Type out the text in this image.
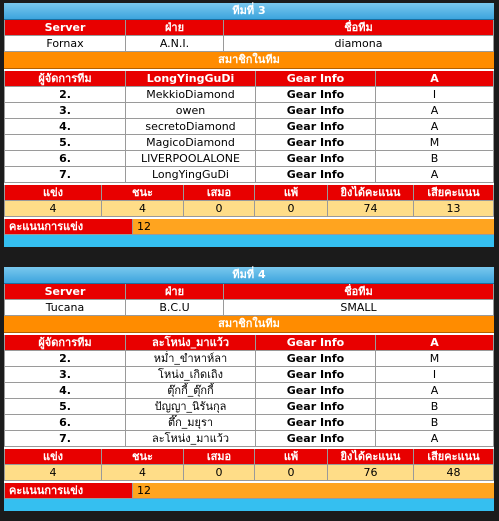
ทีมที่ 3
Server	ฝ่าย	ชื่อทีม
Fornax	A.N.I.	diamona
สมาชิกในทีม
ผู้จัดการทีม	LongYingGuDi	Gear Info	A
2.	MekkioDiamond	Gear Info	I
3.	owen	Gear Info	A
4.	secretoDiamond	Gear Info	A
5.	MagicoDiamond	Gear Info	M
6.	LIVERPOOLALONE	Gear Info	B
7.	LongYingGuDi	Gear Info	A
แข่ง	ชนะ	เสมอ	แพ้	ยิงได้คะแนน	เสียคะแนน
4	4	0	0	74	13
คะแนนการแข่ง	12
ทีมที่ 4
Server	ฝ่าย	ชื่อทีม
Tucana	B.C.U	SMALL
สมาชิกในทีม
ผู้จัดการทีม	ละโหน่ง_มาแว้ว	Gear Info	A
2.	หม่ำ_ขำหาห์ลา	Gear Info	M
3.	โหน่ง_เกิดเถิง	Gear Info	I
4.	ตุ๊กกี้_ตุ๊กกี้	Gear Info	A
5.	ปัญญา_นิรันกุล	Gear Info	B
6.	ตึ๊ก_มยุรา	Gear Info	B
7.	ละโหน่ง_มาแว้ว	Gear Info	A
แข่ง	ชนะ	เสมอ	แพ้	ยิงได้คะแนน	เสียคะแนน
4	4	0	0	76	48
คะแนนการแข่ง	12
